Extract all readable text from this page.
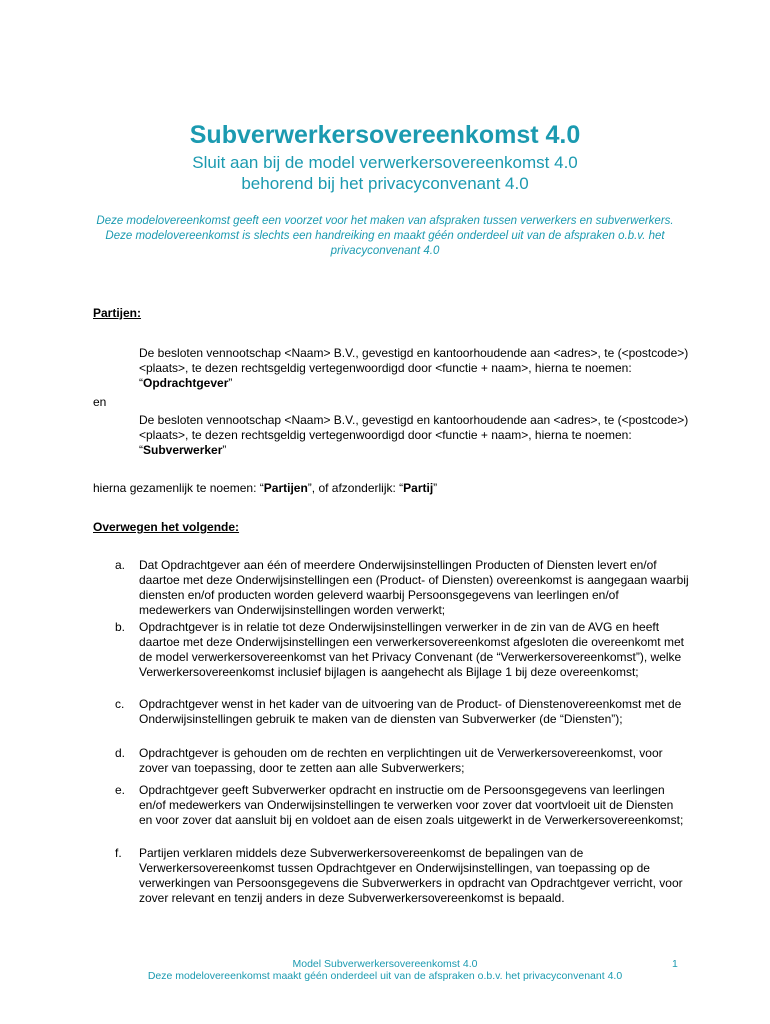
Subverwerkersovereenkomst 4.0
Sluit aan bij de model verwerkersovereenkomst 4.0
behorend bij het privacyconvenant 4.0
Deze modelovereenkomst geeft een voorzet voor het maken van afspraken tussen verwerkers en subverwerkers. Deze modelovereenkomst is slechts een handreiking en maakt géén onderdeel uit van de afspraken o.b.v. het privacyconvenant 4.0
Partijen:
De besloten vennootschap <Naam> B.V., gevestigd en kantoorhoudende aan <adres>, te (<postcode>) <plaats>, te dezen rechtsgeldig vertegenwoordigd door <functie + naam>, hierna te noemen: “Opdrachtgever”
en
De besloten vennootschap <Naam> B.V., gevestigd en kantoorhoudende aan <adres>, te (<postcode>) <plaats>, te dezen rechtsgeldig vertegenwoordigd door <functie + naam>, hierna te noemen: “Subverwerker”
hierna gezamenlijk te noemen: “Partijen”, of afzonderlijk: “Partij”
Overwegen het volgende:
a. Dat Opdrachtgever aan één of meerdere Onderwijsinstellingen Producten of Diensten levert en/of daartoe met deze Onderwijsinstellingen een (Product- of Diensten) overeenkomst is aangegaan waarbij diensten en/of producten worden geleverd waarbij Persoonsgegevens van leerlingen en/of medewerkers van Onderwijsinstellingen worden verwerkt;
b. Opdrachtgever is in relatie tot deze Onderwijsinstellingen verwerker in de zin van de AVG en heeft daartoe met deze Onderwijsinstellingen een verwerkersovereenkomst afgesloten die overeenkomt met de model verwerkersovereenkomst van het Privacy Convenant (de “Verwerkersovereenkomst”), welke Verwerkersovereenkomst inclusief bijlagen is aangehecht als Bijlage 1 bij deze overeenkomst;
c. Opdrachtgever wenst in het kader van de uitvoering van de Product- of Dienstenovereenkomst met de Onderwijsinstellingen gebruik te maken van de diensten van Subverwerker (de “Diensten”);
d. Opdrachtgever is gehouden om de rechten en verplichtingen uit de Verwerkersovereenkomst, voor zover van toepassing, door te zetten aan alle Subverwerkers;
e. Opdrachtgever geeft Subverwerker opdracht en instructie om de Persoonsgegevens van leerlingen en/of medewerkers van Onderwijsinstellingen te verwerken voor zover dat voortvloeit uit de Diensten en voor zover dat aansluit bij en voldoet aan de eisen zoals uitgewerkt in de Verwerkersovereenkomst;
f. Partijen verklaren middels deze Subverwerkersovereenkomst de bepalingen van de Verwerkersovereenkomst tussen Opdrachtgever en Onderwijsinstellingen, van toepassing op de verwerkingen van Persoonsgegevens die Subverwerkers in opdracht van Opdrachtgever verricht, voor zover relevant en tenzij anders in deze Subverwerkersovereenkomst is bepaald.
Model Subverwerkersovereenkomst 4.0	1
Deze modelovereenkomst maakt géén onderdeel uit van de afspraken o.b.v. het privacyconvenant 4.0
